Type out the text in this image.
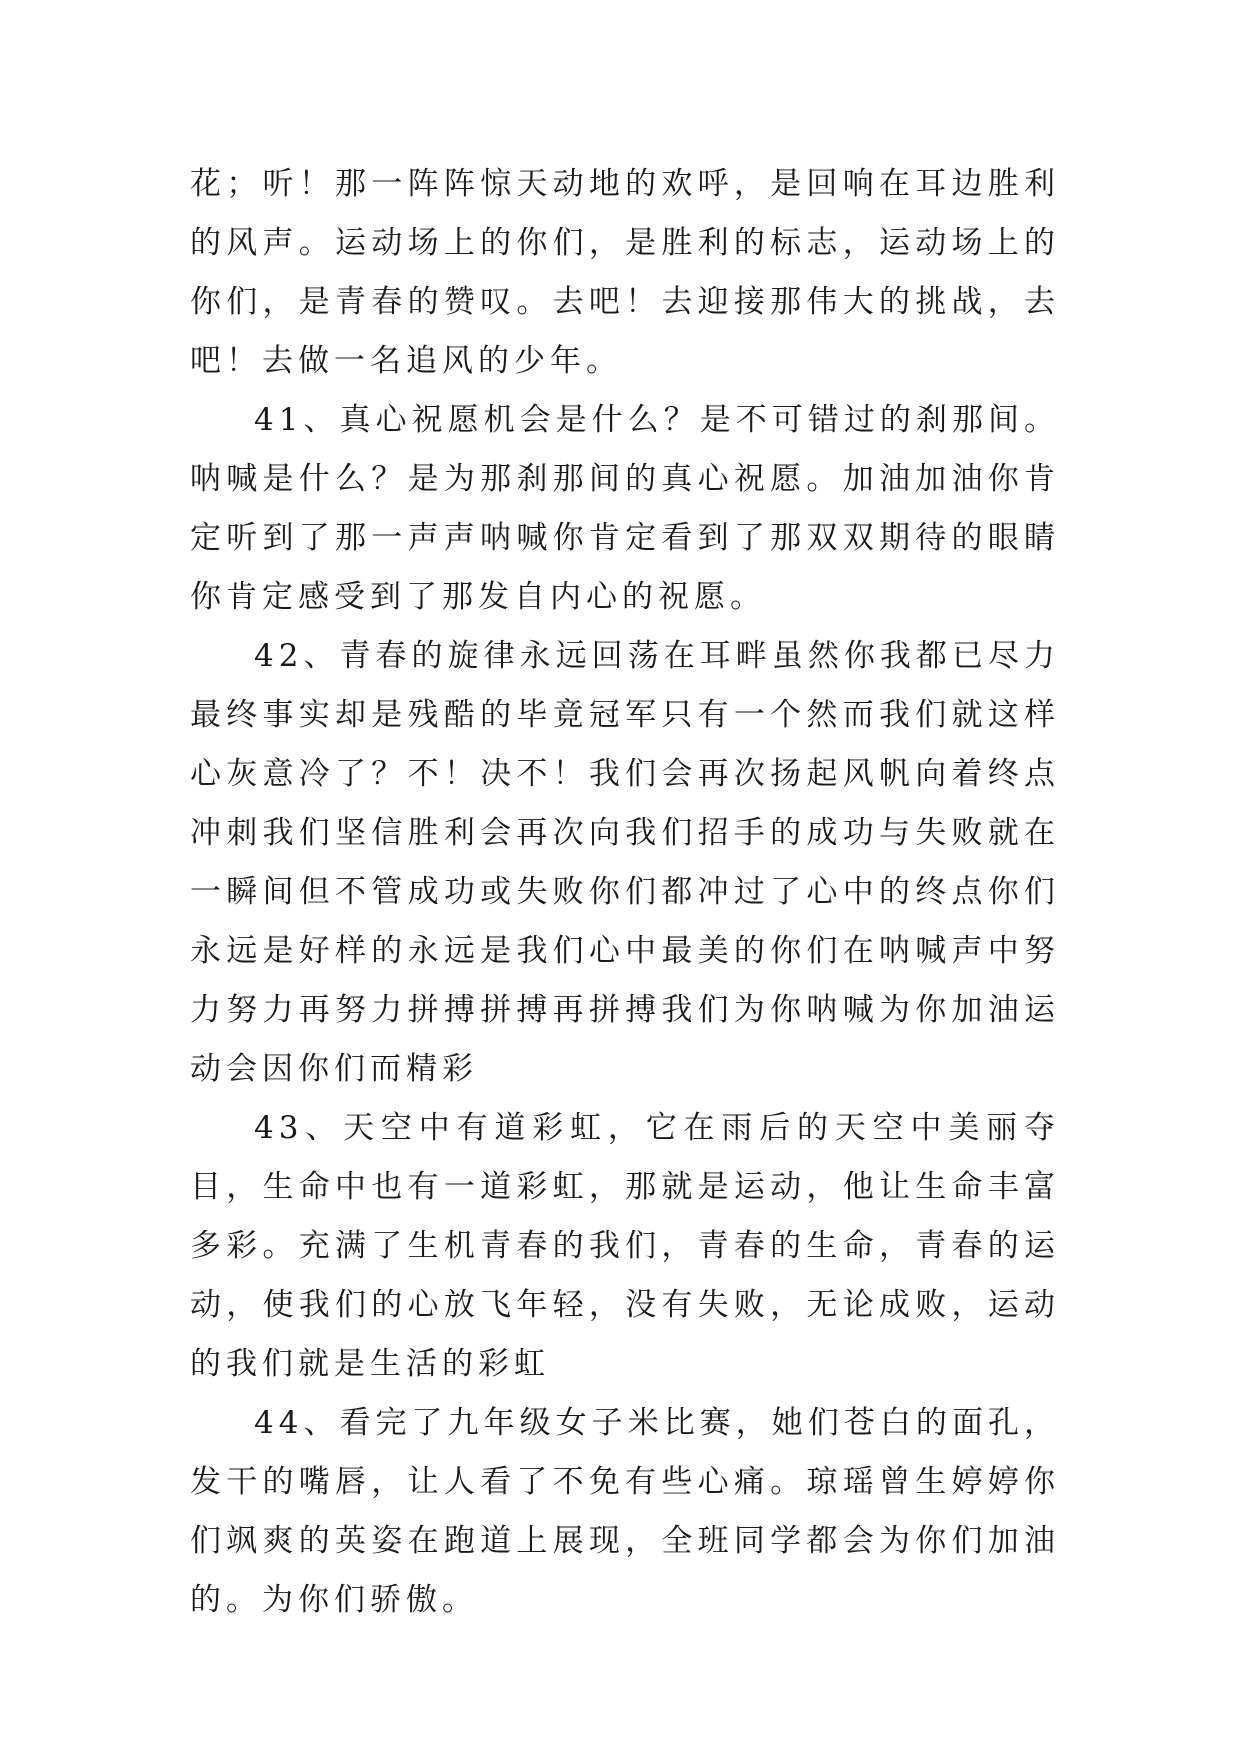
花；听！那一阵阵惊天动地的欢呼，是回响在耳边胜利的风声。运动场上的你们，是胜利的标志，运动场上的你们，是青春的赞叹。去吧！去迎接那伟大的挑战，去吧！去做一名追风的少年。

41、真心祝愿机会是什么？是不可错过的刹那间。呐喊是什么？是为那刹那间的真心祝愿。加油加油你肯定听到了那一声声呐喊你肯定看到了那双双期待的眼睛你肯定感受到了那发自内心的祝愿。

42、青春的旋律永远回荡在耳畔虽然你我都已尽力最终事实却是残酷的毕竟冠军只有一个然而我们就这样心灰意冷了？不！决不！我们会再次扬起风帆向着终点冲刺我们坚信胜利会再次向我们招手的成功与失败就在一瞬间但不管成功或失败你们都冲过了心中的终点你们永远是好样的永远是我们心中最美的你们在呐喊声中努力努力再努力拼搏拼搏再拼搏我们为你呐喊为你加油运动会因你们而精彩

43、天空中有道彩虹，它在雨后的天空中美丽夺目，生命中也有一道彩虹，那就是运动，他让生命丰富多彩。充满了生机青春的我们，青春的生命，青春的运动，使我们的心放飞年轻，没有失败，无论成败，运动的我们就是生活的彩虹

44、看完了九年级女子米比赛，她们苍白的面孔，发干的嘴唇，让人看了不免有些心痛。琼瑶曾生婷婷你们飒爽的英姿在跑道上展现，全班同学都会为你们加油的。为你们骄傲。
